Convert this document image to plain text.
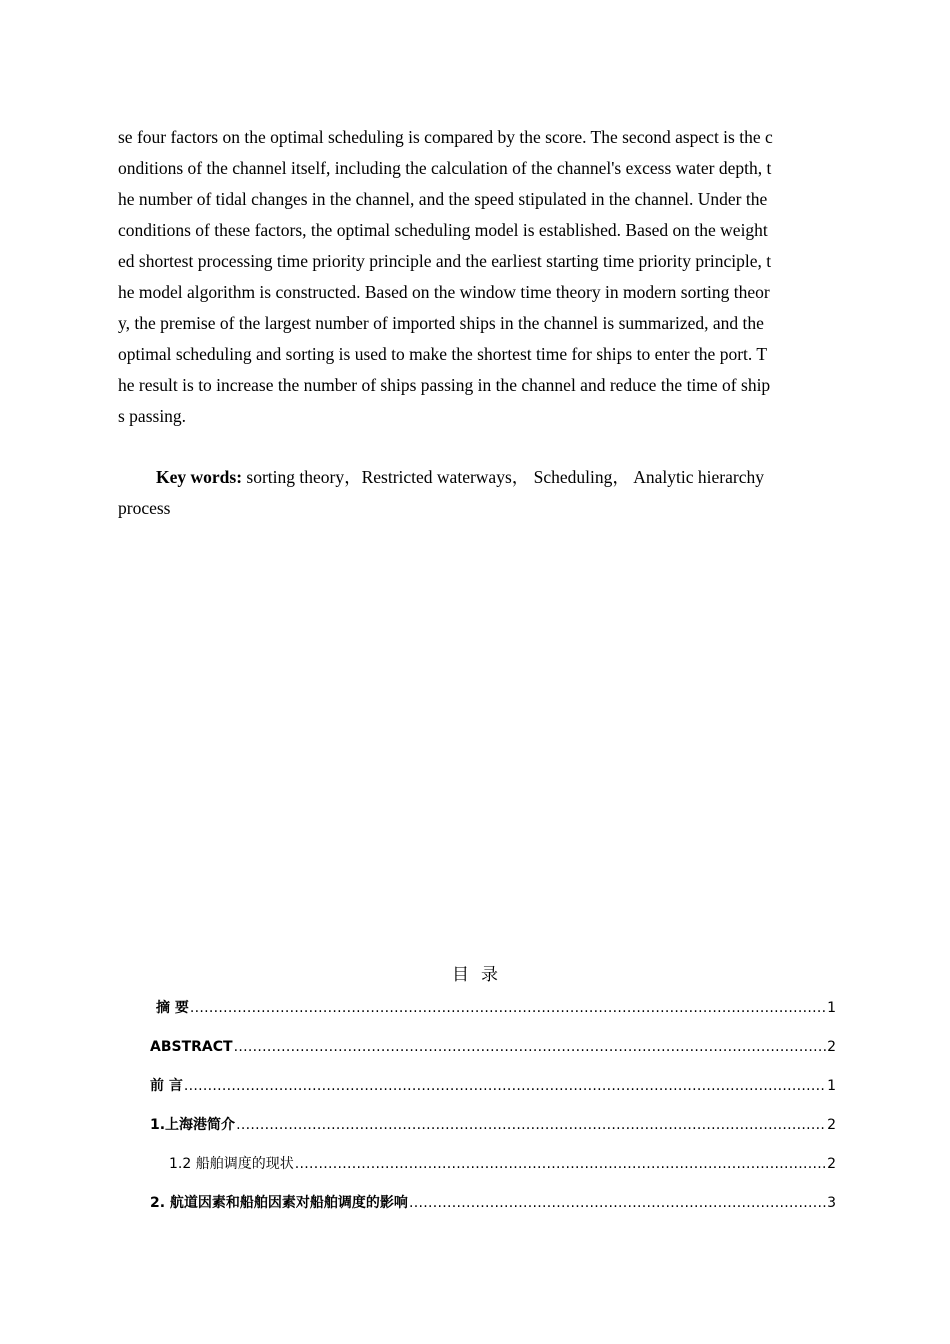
se four factors on the optimal scheduling is compared by the score. The second aspect is the c
onditions of the channel itself, including the calculation of the channel's excess water depth, t
he number of tidal changes in the channel, and the speed stipulated in the channel. Under the
conditions of these factors, the optimal scheduling model is established. Based on the weight
ed shortest processing time priority principle and the earliest starting time priority principle, t
he model algorithm is constructed. Based on the window time theory in modern sorting theor
y, the premise of the largest number of imported ships in the channel is summarized, and the
optimal scheduling and sorting is used to make the shortest time for ships to enter the port. T
he result is to increase the number of ships passing in the channel and reduce the time of ship
s passing.
Key words: sorting theory，Restricted waterways， Scheduling， Analytic hierarchy
process
目录
摘 要 .....	1
ABSTRACT .....	2
前 言 .....	1
1.上海港简介 .....	2
1.2 船舶调度的现状 .....	2
2. 航道因素和船舶因素对船舶调度的影响 .....	3
